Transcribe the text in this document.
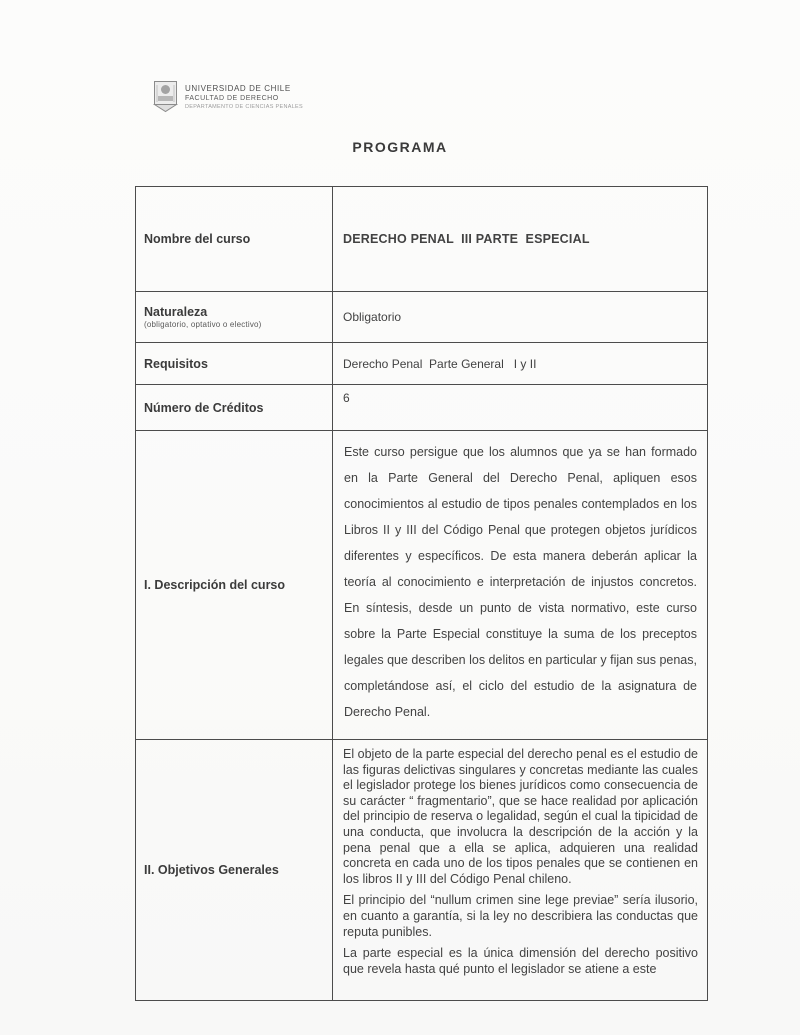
UNIVERSIDAD DE CHILE
FACULTAD DE DERECHO
DEPARTAMENTO DE CIENCIAS PENALES
PROGRAMA
Nombre del curso	DERECHO PENAL  III PARTE  ESPECIAL
Naturaleza
(obligatorio, optativo o electivo)	Obligatorio
Requisitos	Derecho Penal  Parte General   I y II
Número de Créditos	6
I. Descripción del curso	Este curso persigue que los alumnos que ya se han formado en la Parte General del Derecho Penal, apliquen esos conocimientos al estudio de tipos penales contemplados en los Libros II y III del Código Penal que protegen objetos jurídicos diferentes y específicos. De esta manera deberán aplicar la teoría al conocimiento e interpretación de injustos concretos. En síntesis, desde un punto de vista normativo, este curso sobre la Parte Especial constituye la suma de los preceptos legales que describen los delitos en particular y fijan sus penas, completándose así, el ciclo del estudio de la asignatura de Derecho Penal.
II. Objetivos Generales	El objeto de la parte especial del derecho penal es el estudio de las figuras delictivas singulares y concretas mediante las cuales el legislador protege los bienes jurídicos como consecuencia de su carácter “ fragmentario”, que se hace realidad por aplicación del principio de reserva o legalidad, según el cual la tipicidad de una conducta, que involucra la descripción de la acción y la pena penal que a ella se aplica, adquieren una realidad concreta en cada uno de los tipos penales que se contienen en los libros II y III del Código Penal chileno.

El principio del “nullum crimen sine lege previae” sería ilusorio, en cuanto a garantía, si la ley no describiera las conductas que reputa punibles.

La parte especial es la única dimensión del derecho positivo que revela hasta qué punto el legislador se atiene a este
